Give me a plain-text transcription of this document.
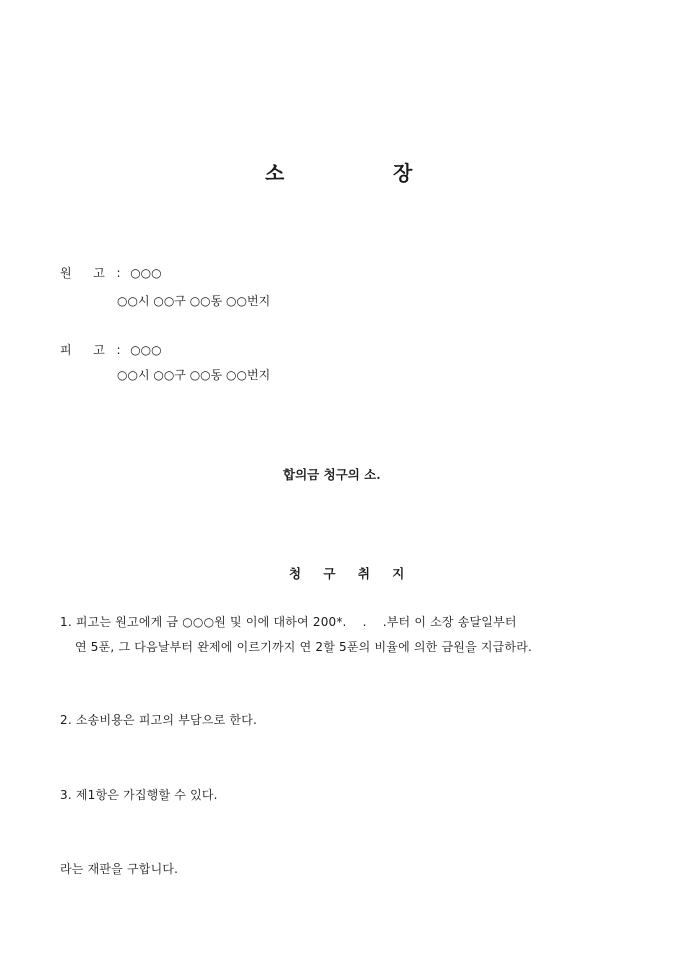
소	장
원 고 : ○○○
○○시 ○○구 ○○동 ○○번지
피 고 : ○○○
○○시 ○○구 ○○동 ○○번지
합의금 청구의 소.
청 구 취 지
1. 피고는 원고에게 금 ○○○원 및 이에 대하여 200*.    .    .부터 이 소장 송달일부터
연 5푼, 그 다음날부터 완제에 이르기까지 연 2할 5푼의 비율에 의한 금원을 지급하라.
2. 소송비용은 피고의 부담으로 한다.
3. 제1항은 가집행할 수 있다.
라는 재판을 구합니다.
